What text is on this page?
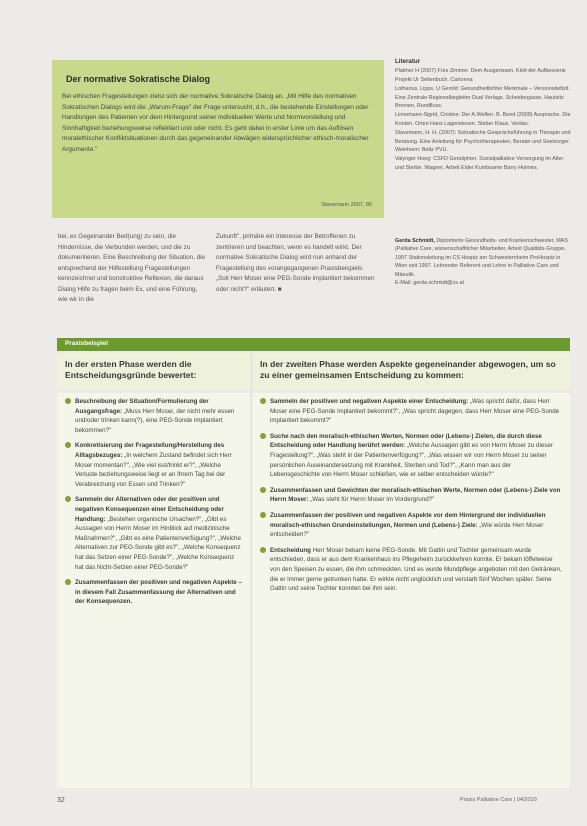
Der normative Sokratische Dialog
Bei ethischen Fragestellungen zielst sich der normative Sokratische Dialog an. „Mit Hilfe des normativen Sokratischen Dialogs wird die „Warum-Frage" der Frage untersucht, d.h., die bestehende Einstellungen oder Handlungen des Patienten vor dem Hintergrund seiner individuellen Werte und Normvorstellung und Sinnhaftigkeit beziehungsweise reflektiert und oder nicht. Es geht dabei in erster Linie um das Auflösen moralethischer Konfliktsituationen durch das gegeneinander Abwägen widersprüchlicher ethisch-moralischer Argumente."
Stavemann 2007, 86
Literatur

Plattner H (2007) Fürs Zimmer. Dem Ausgerissen. Klett der Aufbesserie Projekt Ur Seitenbuch. Cartonna

Lotharius, Lipps, U Gerold: Gesundheitlichter Merkmale – Versionsdefizit. Eine Zentrale Regionalbegleiter Dual Verlags. Scheidergasse, Hautsitz Bremen, Rundfluss.

Linnemann-Sigrid, Cristine: Der A.Welfen. B. Bend (2009) Ausprache. Die Konten. Orten Hans Lagerwiesen. Sieber Klaus. Veritas.

Stavemann, H. H. (2007): Sokratische Gesprächsführung in Therapie und Beratung. Eine Anleitung für Psychotherapeuten, Berater und Seelsorger. Weinheim: Beltz PVU.

Valynger Hoeg: CSFD Gerutiphen. Sozialpalliative Versorgung im Alter und Sterbe. Wagner, Arbeit Elder Kumbsame Barry Holmes.

Gerda Schmidt, Diplomierte Gesundheits- und Krankenschwester, MAS (Palliative Care, wissenschaftlicher Mitarbeiter, Arbeit Qualitäts-Gruppe, 1997 Stationsleitung im CS Hospiz am Schwesternheim ProHospiz in Wien seit 1997. Lehrender Referent und Lehre in Palliative Care und Mäeutik.
E-Mail: gerda.schmidt@cs.at
bei, es Gegeinander Bed(ung) zu sein, die Hindernisse, die Verbunden werden, und die zu dokumentieren. Eine Beschreibung der Situation, die entsprechend der Hilfestellung Fragestellungen kennzeichnet und konstruktive Reflexion, die daraus Dialog Hilfe zu fragen beim Ex, und eine Führung, wie wir in die
Zukunft", primäre ein Interesse der Betroffenen zu zentrieren und beachten, wenn es handelt wirkt. Der normative Sokratische Dialog wird nun anhand der Fragestellung des vorangegangenen Praxisbeispiels „Soll Herr Moser eine PEG-Sonde implantiert bekommen oder nicht?" erläutert. ■
Praxisbeispiel
In der ersten Phase werden die Entscheidungsgründe bewertet:
In der zweiten Phase werden Aspekte gegeneinander abgewogen, um so zu einer gemeinsamen Entscheidung zu kommen:
Beschreibung der Situation/Formulierung der Ausgangsfrage: „Muss Herr Moser, der nicht mehr essen und/oder trinken kann(?), eine PEG-Sonde implantiert bekommen?"
Konkretisierung der Fragestellung/Herstellung des Alltagsbezuges: „In welchem Zustand befindet sich Herr Moser momentan?", „Wie viel isst/trinkt er?", „Welche Verluste beziehungsweise liegt er an Ihrem Tag bei der Verabreichung von Essen und Trinken?"
Sammeln der Alternativen oder der positiven und negativen Konsequenzen einer Entscheidung oder Handlung: „Bestehen organische Ursachen?", „Gibt es Aussagen von Herrn Moser im Hinblick auf medizinische Maßnahmen?", „Gibt es eine Patientenverfügung?", „Welche Alternativen zur PEG-Sonde gibt es?", „Welche Konsequenz hat das Setzen einer PEG-Sonde?", „Welche Konsequenz hat das Nicht-Setzen einer PEG-Sonde?"
Zusammenfassen der positiven und negativen Aspekte – in diesem Fall Zusammenfassung der Alternativen und der Konsequenzen.
Sammeln der positiven und negativen Aspekte einer Entscheidung: „Was spricht dafür, dass Herr Moser eine PEG-Sonde implantiert bekommt?", „Was spricht dagegen, dass Herr Moser eine PEG-Sonde implantiert bekommt?"
Suche nach den moralisch-ethischen Werten, Normen oder (Lebens-) Zielen, die durch diese Entscheidung oder Handlung berührt werden: „Welche Aussagen gibt es von Herrn Moser zu dieser Fragestellung?", „Was steht in der Patientenverfügung?", „Was wissen wir von Herrn Moser zu seiner persönlichen Auseinandersetzung mit Krankheit, Sterben und Tod?", „Kann man aus der Lebensgeschichte von Herrn Moser schließen, wie er selber entscheiden würde?"
Zusammenfassen und Gewichten der moralisch-ethischen Werte, Normen oder (Lebens-) Ziele von Herrn Moser: „Was steht für Herrn Moser im Vordergrund?"
Zusammenfassen der positiven und negativen Aspekte vor dem Hintergrund der individuellen moralisch-ethischen Grundeinstellungen, Normen und (Lebens-) Ziele: „Wie würde Herr Moser entscheiden?"
Entscheidung Herr Moser bekam keine PEG-Sonde. Mit Gattin und Tochter gemeinsam wurde entschieden, dass er aus dem Krankenhaus ins Pflegeheim zurückkehren konnte. Er bekam löffelweise von den Speisen zu essen, die ihm schmeckten. Und es wurde Mundpflege angeboten mit den Getränken, die er immer gerne getrunken hatte. Er wirkte nicht unglücklich und verstarb fünf Wochen später. Seine Gattin und seine Tochter konnten bei ihm sein.
32	Praxis Palliative Care | 04/2010
